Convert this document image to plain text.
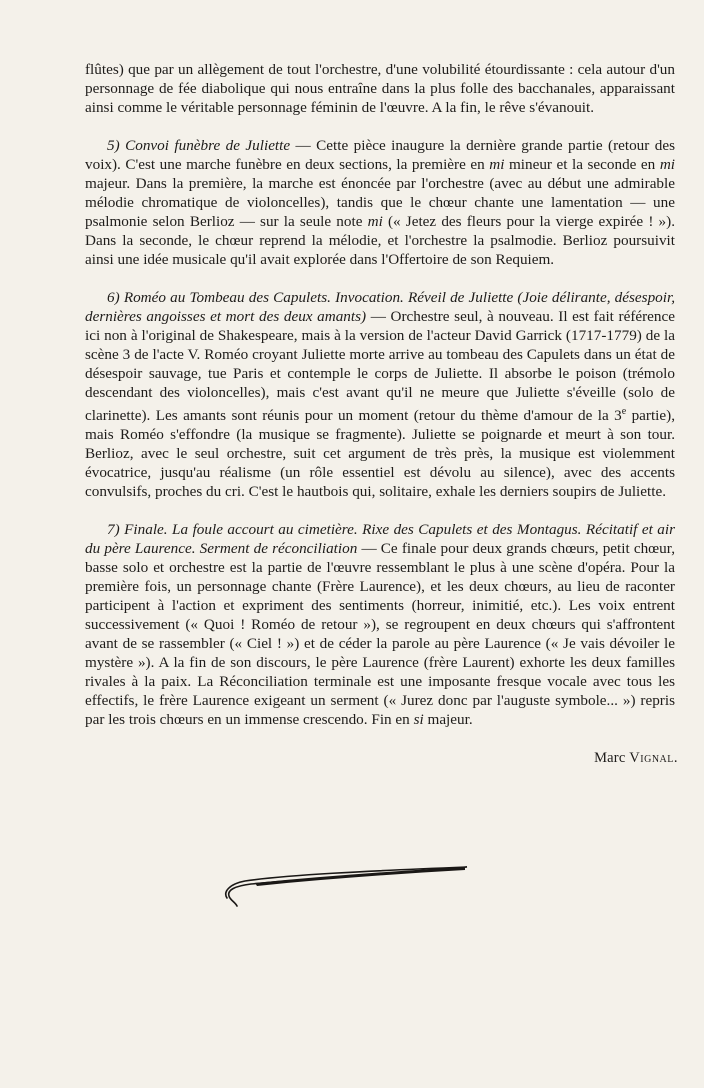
flûtes) que par un allègement de tout l'orchestre, d'une volubilité étourdissante : cela autour d'un personnage de fée diabolique qui nous entraîne dans la plus folle des bacchanales, apparaissant ainsi comme le véritable personnage féminin de l'œuvre. A la fin, le rêve s'évanouit.

5) Convoi funèbre de Juliette — Cette pièce inaugure la dernière grande partie (retour des voix). C'est une marche funèbre en deux sections, la première en mi mineur et la seconde en mi majeur. Dans la première, la marche est énoncée par l'orchestre (avec au début une admirable mélodie chromatique de violoncelles), tandis que le chœur chante une lamentation — une psalmonie selon Berlioz — sur la seule note mi (« Jetez des fleurs pour la vierge expirée ! »). Dans la seconde, le chœur reprend la mélodie, et l'orchestre la psalmodie. Berlioz poursuivit ainsi une idée musicale qu'il avait explorée dans l'Offertoire de son Requiem.

6) Roméo au Tombeau des Capulets. Invocation. Réveil de Juliette (Joie délirante, désespoir, dernières angoisses et mort des deux amants) — Orchestre seul, à nouveau. Il est fait référence ici non à l'original de Shakespeare, mais à la version de l'acteur David Garrick (1717-1779) de la scène 3 de l'acte V. Roméo croyant Juliette morte arrive au tombeau des Capulets dans un état de désespoir sauvage, tue Paris et contemple le corps de Juliette. Il absorbe le poison (trémolo descendant des violoncelles), mais c'est avant qu'il ne meure que Juliette s'éveille (solo de clarinette). Les amants sont réunis pour un moment (retour du thème d'amour de la 3e partie), mais Roméo s'effondre (la musique se fragmente). Juliette se poignarde et meurt à son tour. Berlioz, avec le seul orchestre, suit cet argument de très près, la musique est violemment évocatrice, jusqu'au réalisme (un rôle essentiel est dévolu au silence), avec des accents convulsifs, proches du cri. C'est le hautbois qui, solitaire, exhale les derniers soupirs de Juliette.

7) Finale. La foule accourt au cimetière. Rixe des Capulets et des Montagus. Récitatif et air du père Laurence. Serment de réconciliation — Ce finale pour deux grands chœurs, petit chœur, basse solo et orchestre est la partie de l'œuvre ressemblant le plus à une scène d'opéra. Pour la première fois, un personnage chante (Frère Laurence), et les deux chœurs, au lieu de raconter participent à l'action et expriment des sentiments (horreur, inimitié, etc.). Les voix entrent successivement (« Quoi ! Roméo de retour »), se regroupent en deux chœurs qui s'affrontent avant de se rassembler (« Ciel ! ») et de céder la parole au père Laurence (« Je vais dévoiler le mystère »). A la fin de son discours, le père Laurence (frère Laurent) exhorte les deux familles rivales à la paix. La Réconciliation terminale est une imposante fresque vocale avec tous les effectifs, le frère Laurence exigeant un serment (« Jurez donc par l'auguste symbole... ») repris par les trois chœurs en un immense crescendo. Fin en si majeur.

Marc Vignal.
